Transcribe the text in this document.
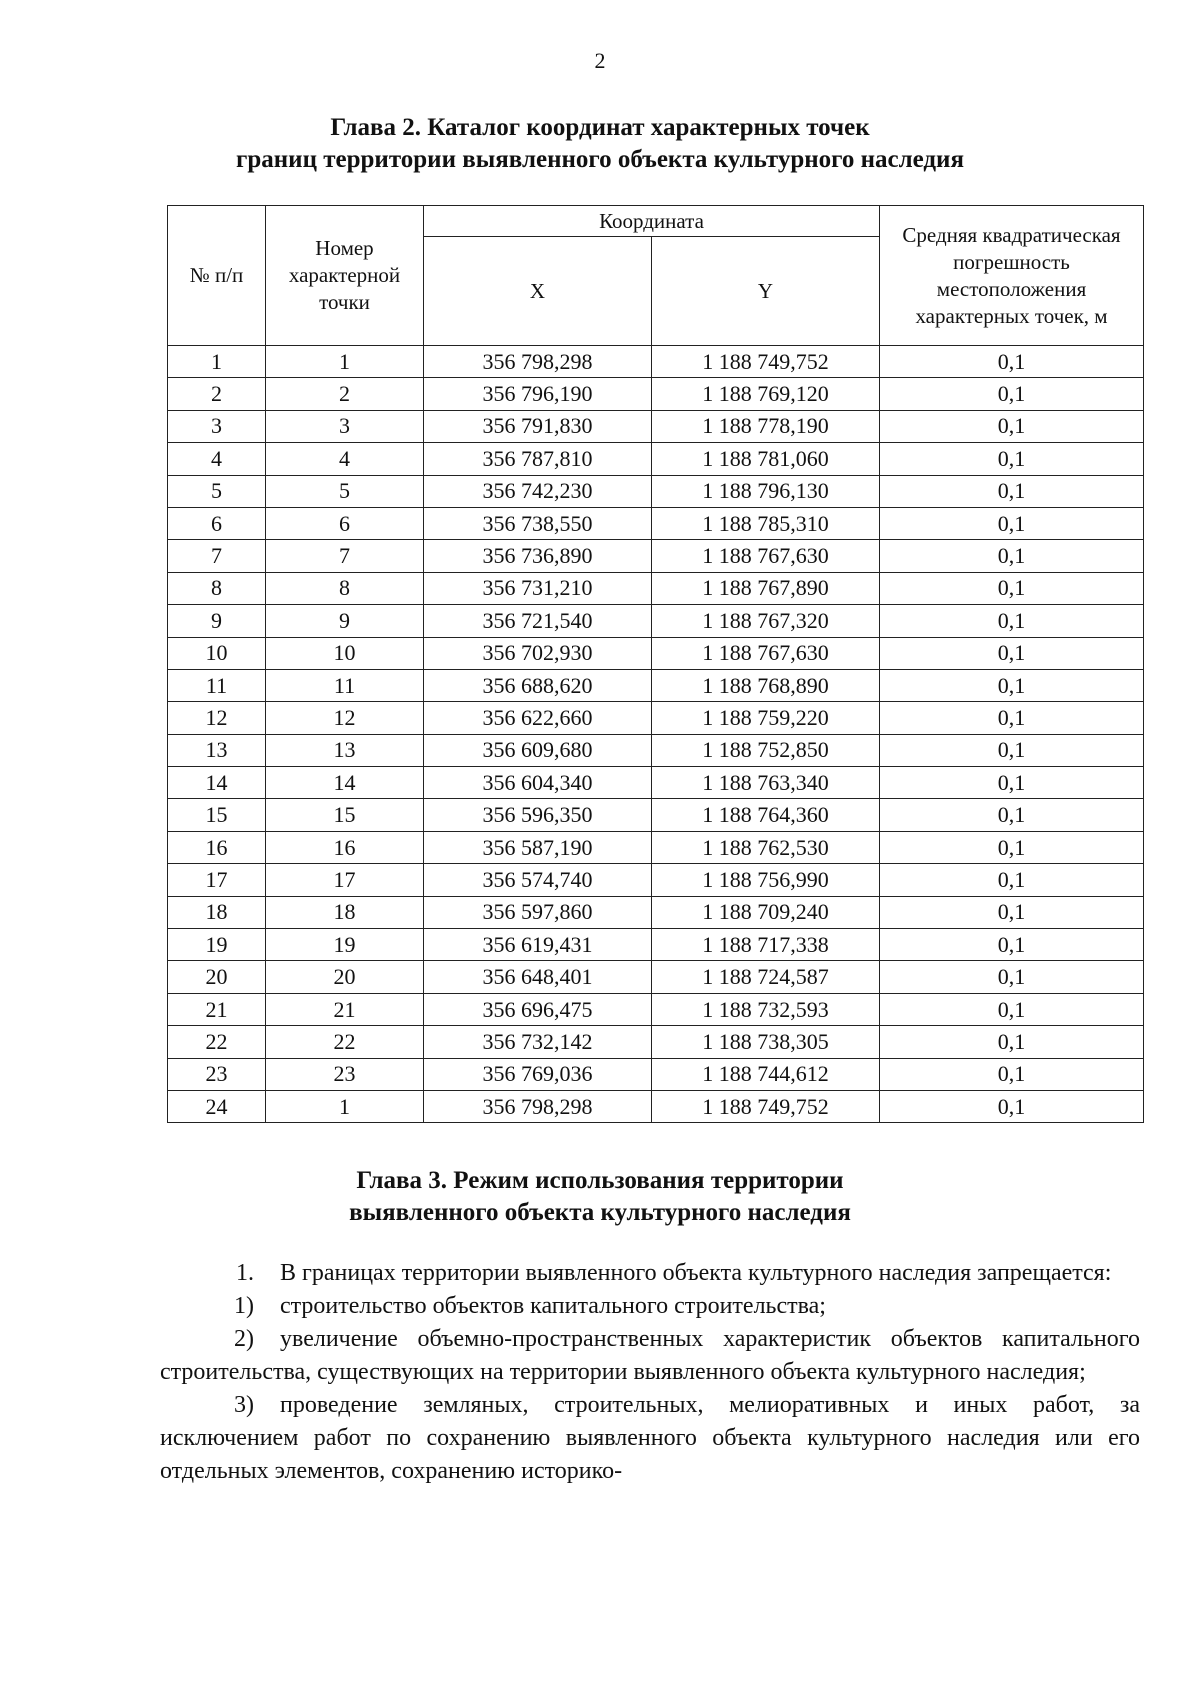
2
Глава 2. Каталог координат характерных точек
границ территории выявленного объекта культурного наследия
№ п/п	Номер характерной точки	Координата		Средняя квадратическая погрешность местоположения характерных точек, м
		X	Y	
1	1	356 798,298	1 188 749,752	0,1
2	2	356 796,190	1 188 769,120	0,1
3	3	356 791,830	1 188 778,190	0,1
4	4	356 787,810	1 188 781,060	0,1
5	5	356 742,230	1 188 796,130	0,1
6	6	356 738,550	1 188 785,310	0,1
7	7	356 736,890	1 188 767,630	0,1
8	8	356 731,210	1 188 767,890	0,1
9	9	356 721,540	1 188 767,320	0,1
10	10	356 702,930	1 188 767,630	0,1
11	11	356 688,620	1 188 768,890	0,1
12	12	356 622,660	1 188 759,220	0,1
13	13	356 609,680	1 188 752,850	0,1
14	14	356 604,340	1 188 763,340	0,1
15	15	356 596,350	1 188 764,360	0,1
16	16	356 587,190	1 188 762,530	0,1
17	17	356 574,740	1 188 756,990	0,1
18	18	356 597,860	1 188 709,240	0,1
19	19	356 619,431	1 188 717,338	0,1
20	20	356 648,401	1 188 724,587	0,1
21	21	356 696,475	1 188 732,593	0,1
22	22	356 732,142	1 188 738,305	0,1
23	23	356 769,036	1 188 744,612	0,1
24	1	356 798,298	1 188 749,752	0,1
Глава 3. Режим использования территории
выявленного объекта культурного наследия

1. В границах территории выявленного объекта культурного наследия запрещается:

1) строительство объектов капитального строительства;

2) увеличение объемно-пространственных характеристик объектов капитального строительства, существующих на территории выявленного объекта культурного наследия;

3) проведение земляных, строительных, мелиоративных и иных работ, за исключением работ по сохранению выявленного объекта культурного наследия или его отдельных элементов, сохранению историко-
